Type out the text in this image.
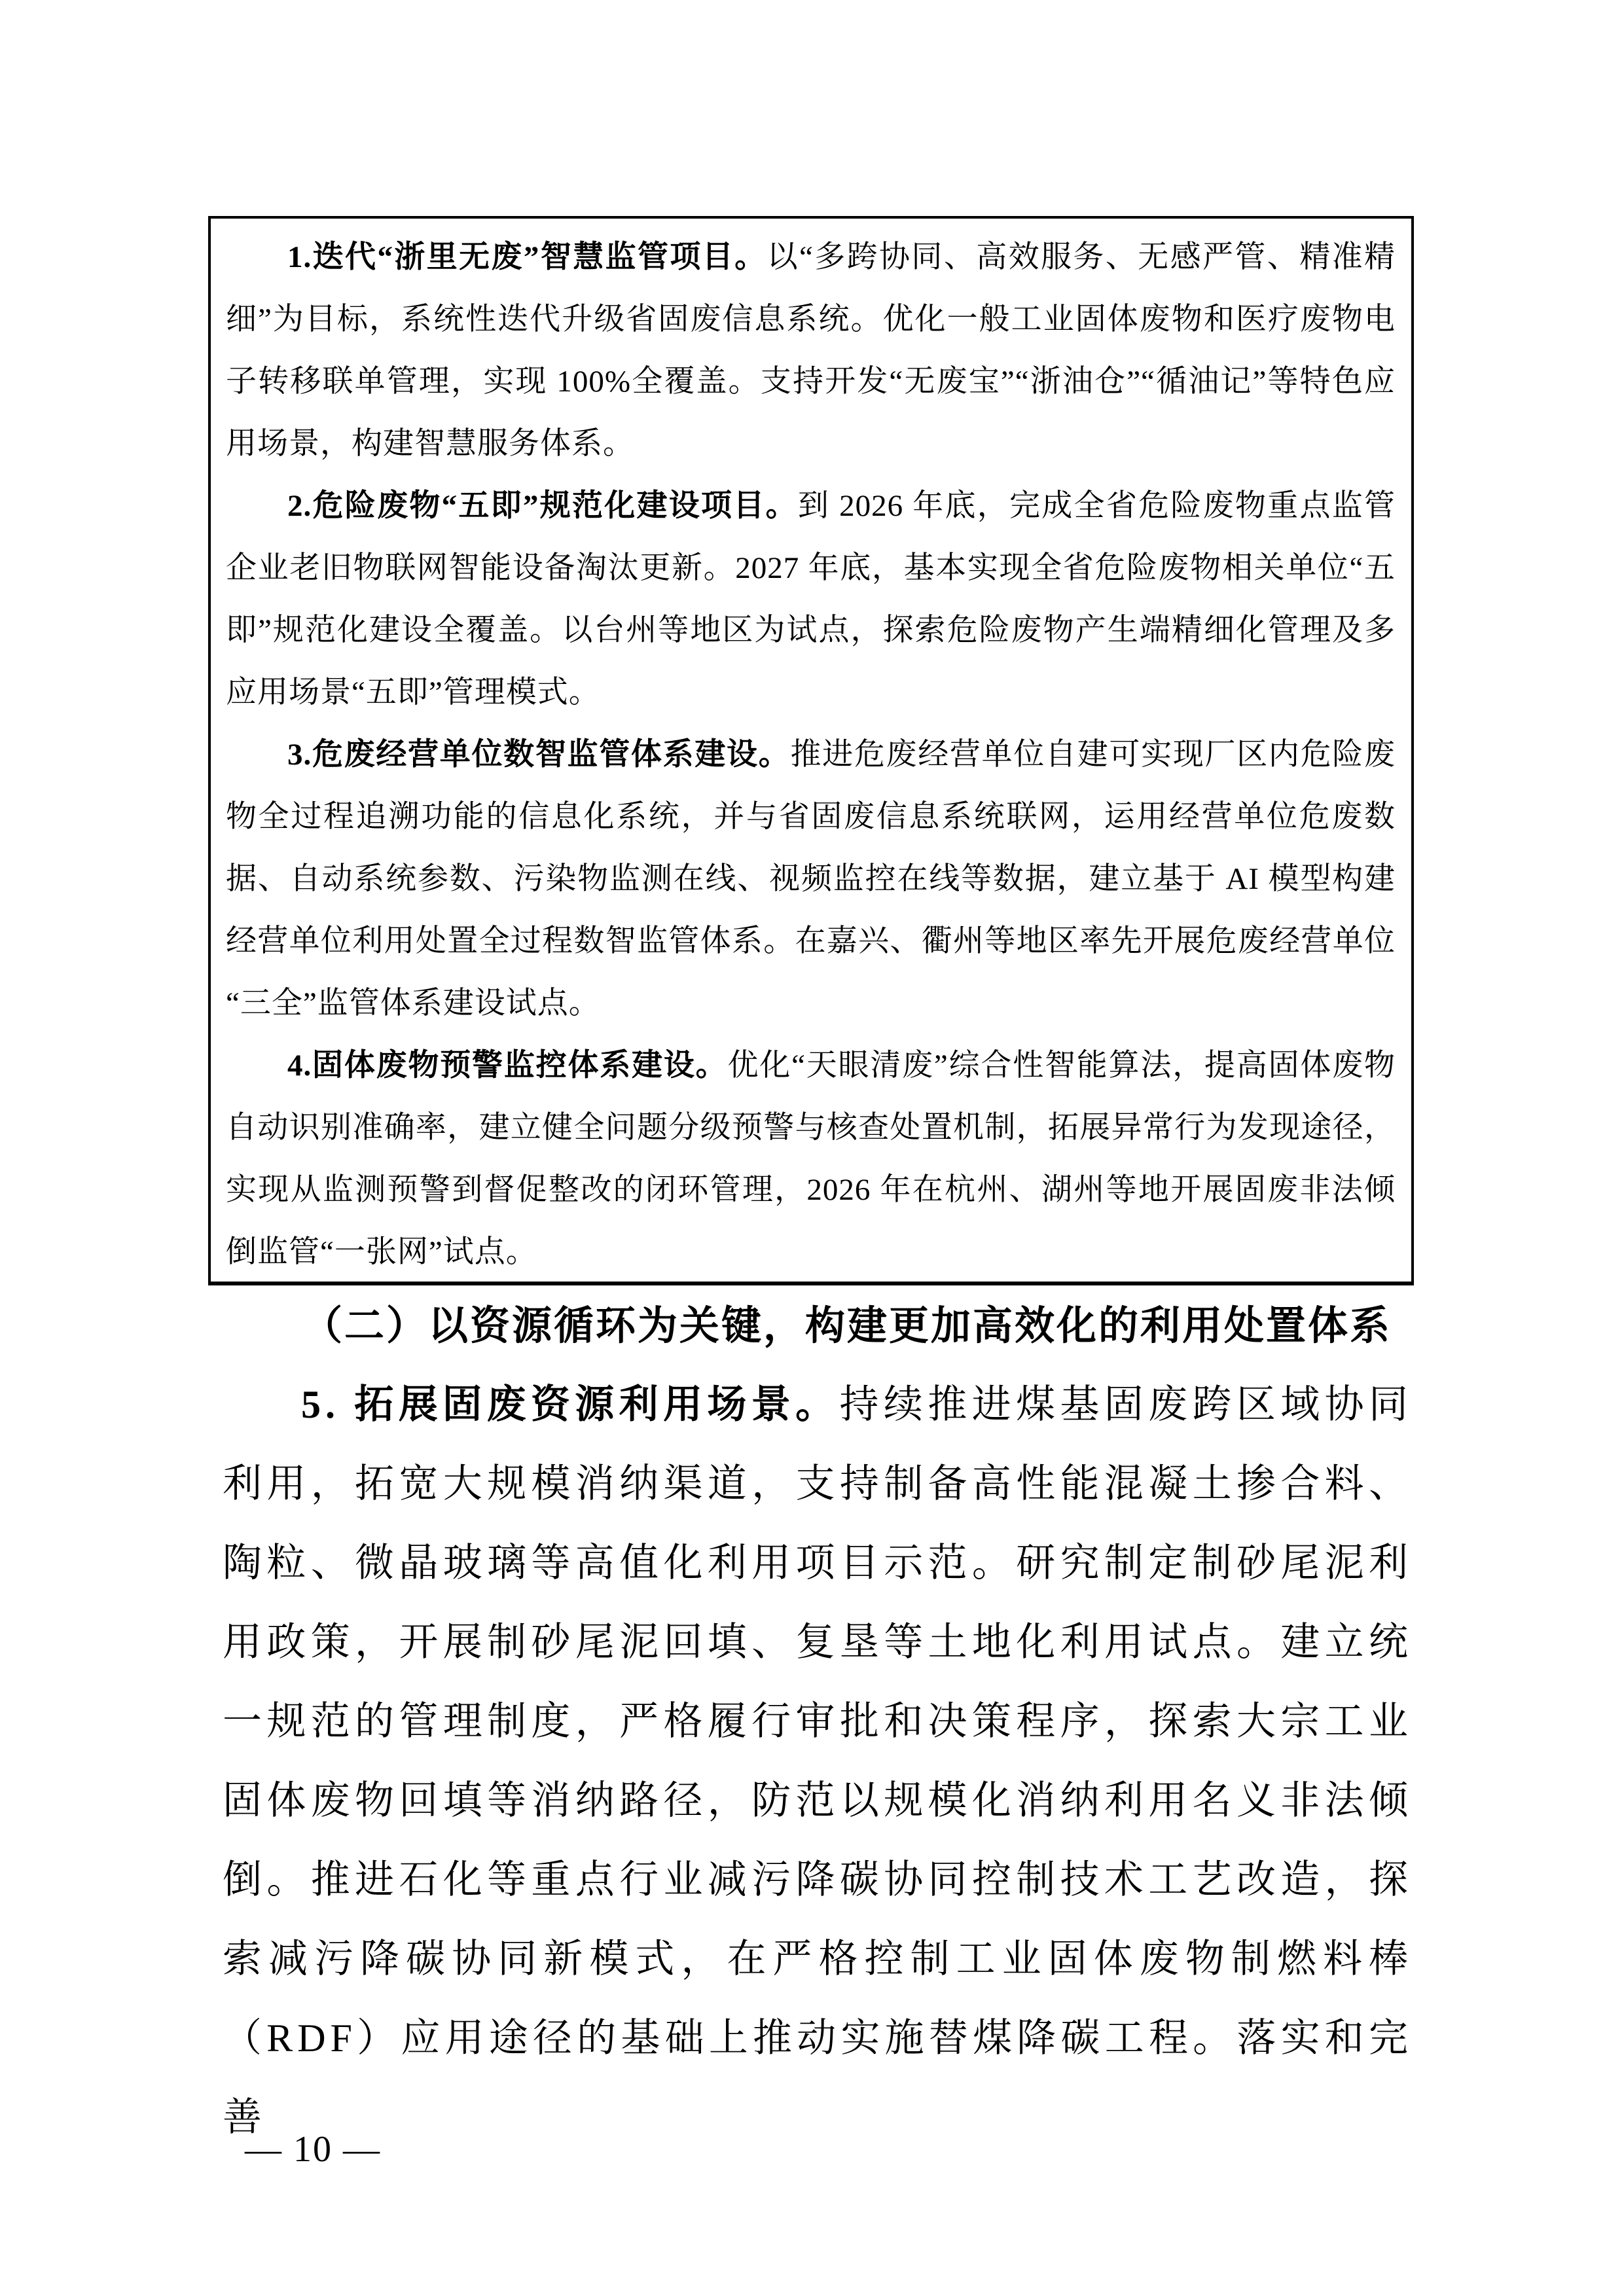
1.迭代“浙里无废”智慧监管项目。以“多跨协同、高效服务、无感严管、精准精细”为目标，系统性迭代升级省固废信息系统。优化一般工业固体废物和医疗废物电子转移联单管理，实现 100%全覆盖。支持开发“无废宝”“浙油仓”“循油记”等特色应用场景，构建智慧服务体系。

2.危险废物“五即”规范化建设项目。到 2026 年底，完成全省危险废物重点监管企业老旧物联网智能设备淘汰更新。2027 年底，基本实现全省危险废物相关单位“五即”规范化建设全覆盖。以台州等地区为试点，探索危险废物产生端精细化管理及多应用场景“五即”管理模式。

3.危废经营单位数智监管体系建设。推进危废经营单位自建可实现厂区内危险废物全过程追溯功能的信息化系统，并与省固废信息系统联网，运用经营单位危废数据、自动系统参数、污染物监测在线、视频监控在线等数据，建立基于 AI 模型构建经营单位利用处置全过程数智监管体系。在嘉兴、衢州等地区率先开展危废经营单位“三全”监管体系建设试点。

4.固体废物预警监控体系建设。优化“天眼清废”综合性智能算法，提高固体废物自动识别准确率，建立健全问题分级预警与核查处置机制，拓展异常行为发现途径，实现从监测预警到督促整改的闭环管理，2026 年在杭州、湖州等地开展固废非法倾倒监管“一张网”试点。

（二）以资源循环为关键，构建更加高效化的利用处置体系

5. 拓展固废资源利用场景。持续推进煤基固废跨区域协同利用，拓宽大规模消纳渠道，支持制备高性能混凝土掺合料、陶粒、微晶玻璃等高值化利用项目示范。研究制定制砂尾泥利用政策，开展制砂尾泥回填、复垦等土地化利用试点。建立统一规范的管理制度，严格履行审批和决策程序，探索大宗工业固体废物回填等消纳路径，防范以规模化消纳利用名义非法倾倒。推进石化等重点行业减污降碳协同控制技术工艺改造，探索减污降碳协同新模式，在严格控制工业固体废物制燃料棒（RDF）应用途径的基础上推动实施替煤降碳工程。落实和完善

— 10 —
